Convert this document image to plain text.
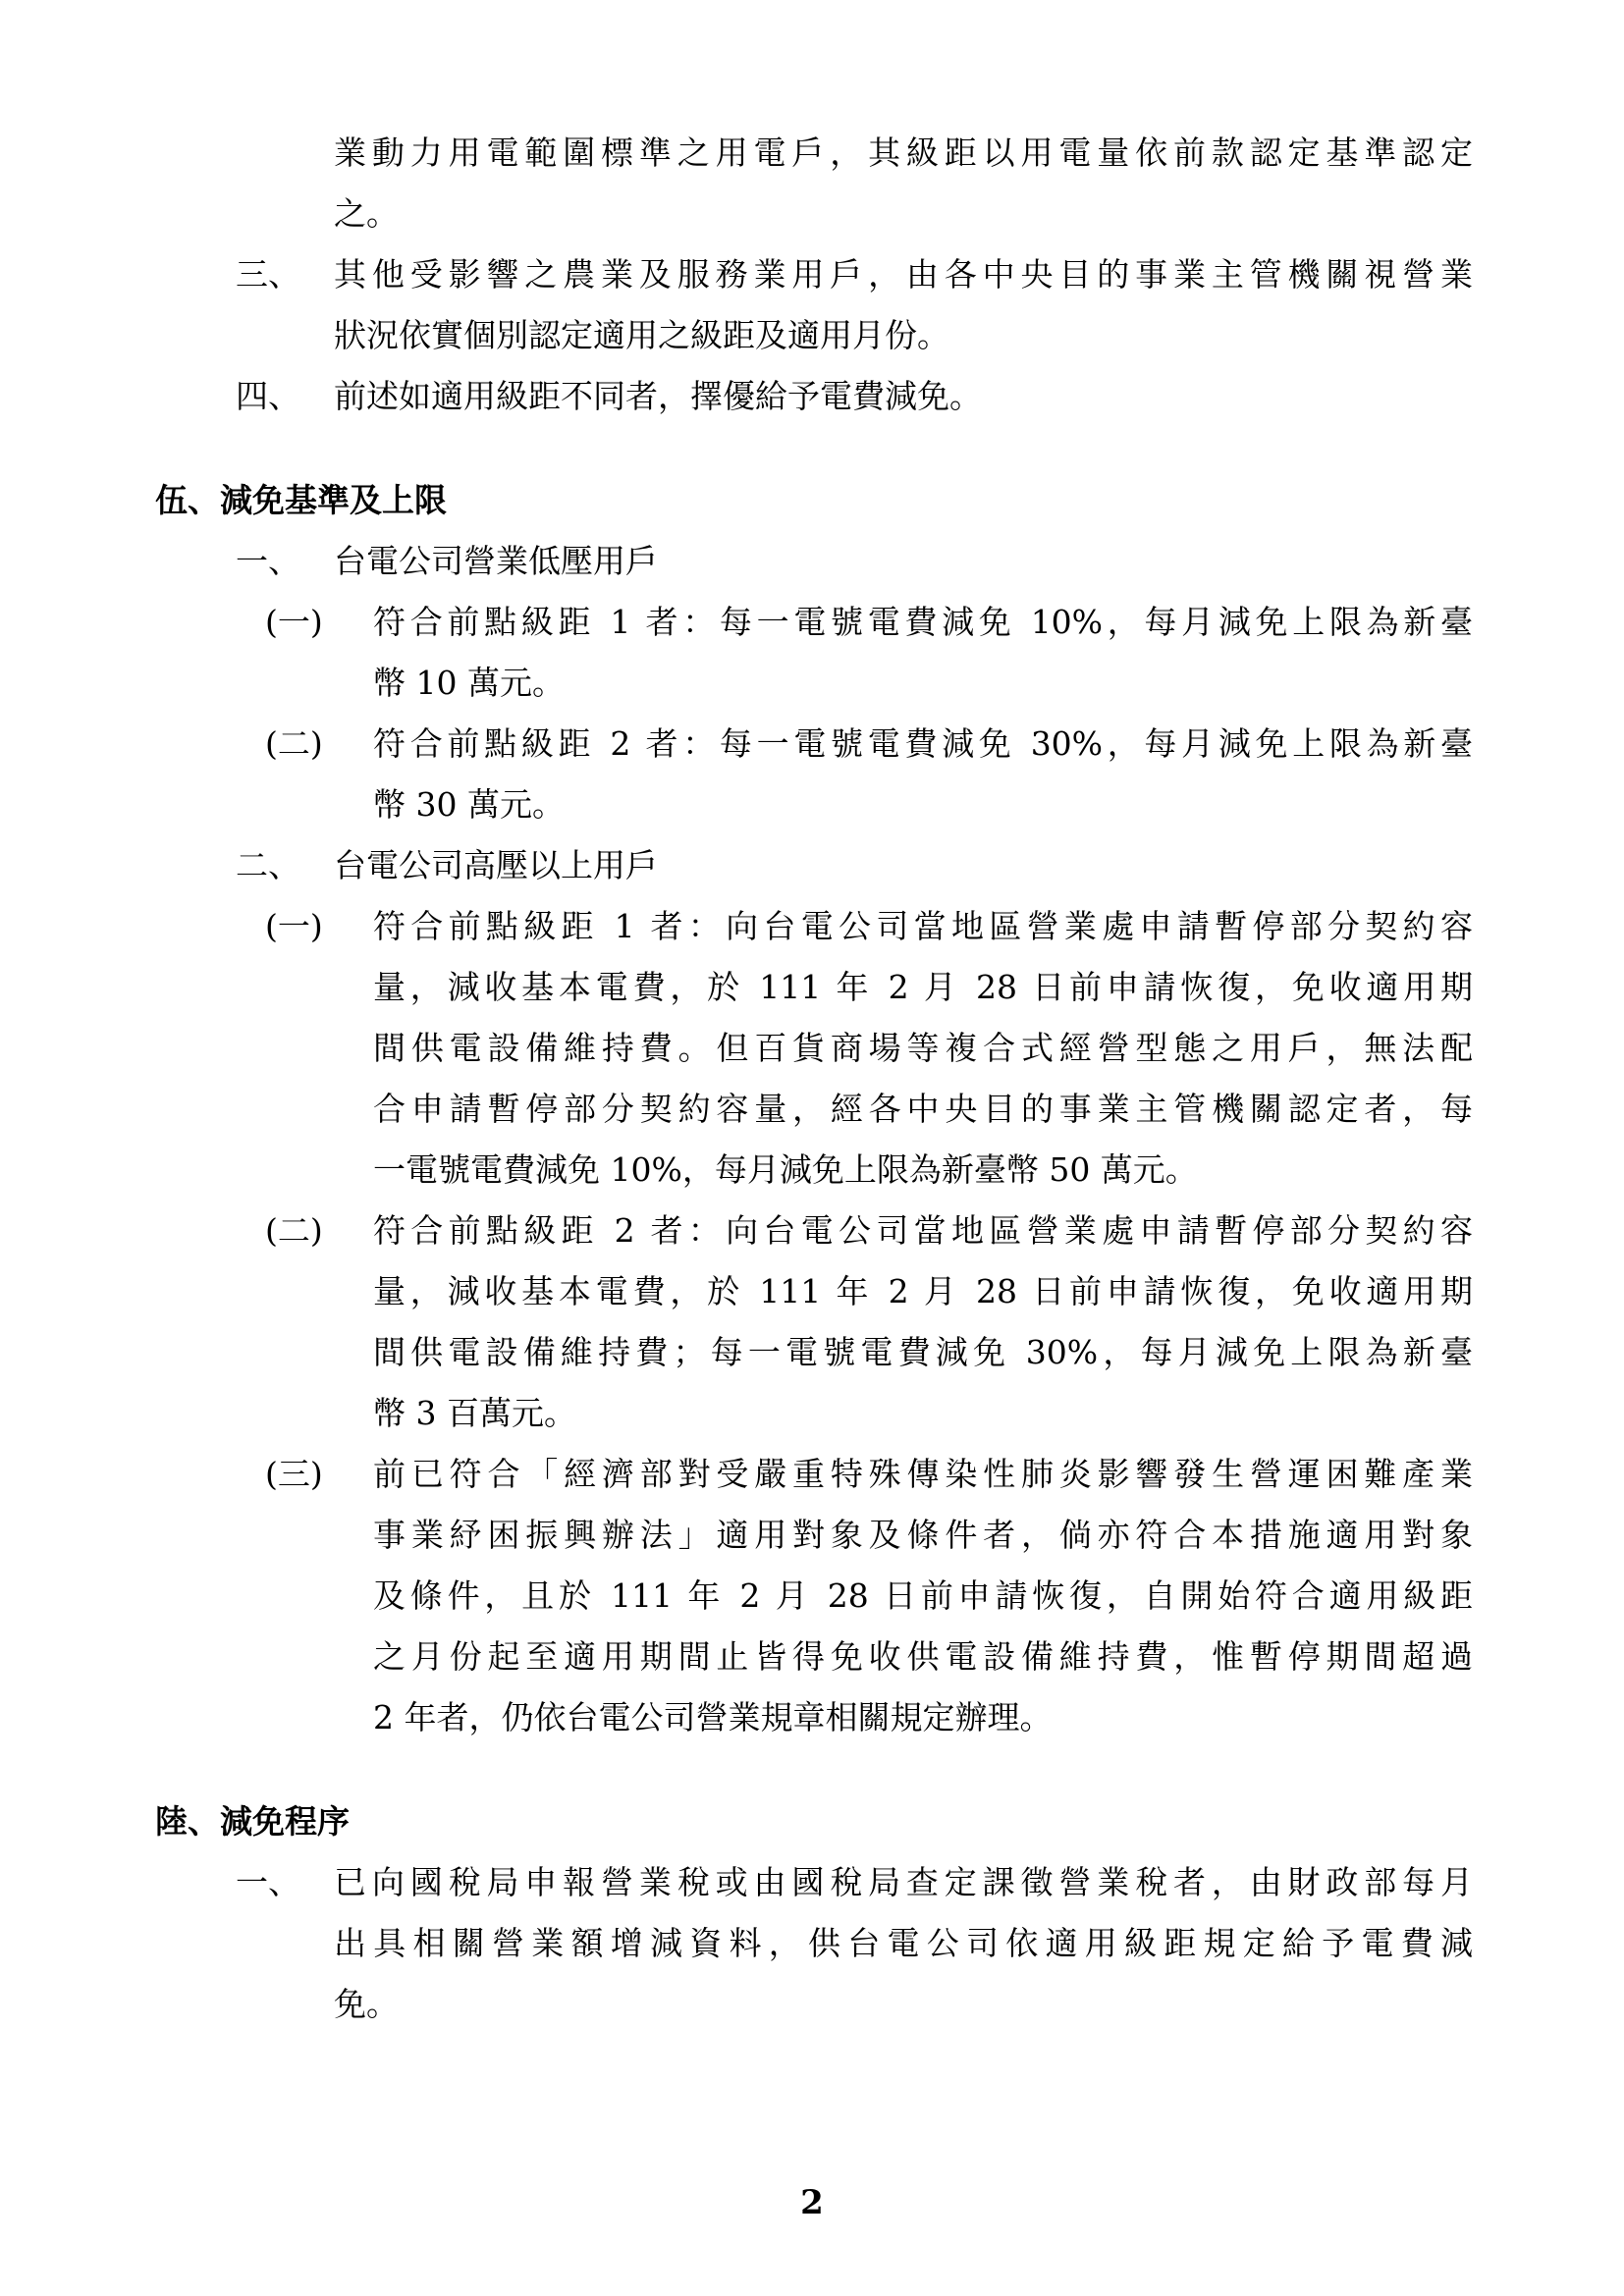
業動力用電範圍標準之用電戶，其級距以用電量依前款認定基準認定
之。
三、 其他受影響之農業及服務業用戶，由各中央目的事業主管機關視營業
狀況依實個別認定適用之級距及適用月份。
四、 前述如適用級距不同者，擇優給予電費減免。
伍、減免基準及上限
一、 台電公司營業低壓用戶
(一) 符合前點級距 1 者：每一電號電費減免 10%，每月減免上限為新臺
幣 10 萬元。
(二) 符合前點級距 2 者：每一電號電費減免 30%，每月減免上限為新臺
幣 30 萬元。
二、 台電公司高壓以上用戶
(一) 符合前點級距 1 者：向台電公司當地區營業處申請暫停部分契約容
量，減收基本電費，於 111 年 2 月 28 日前申請恢復，免收適用期
間供電設備維持費。但百貨商場等複合式經營型態之用戶，無法配
合申請暫停部分契約容量，經各中央目的事業主管機關認定者，每
一電號電費減免 10%，每月減免上限為新臺幣 50 萬元。
(二) 符合前點級距 2 者：向台電公司當地區營業處申請暫停部分契約容
量，減收基本電費，於 111 年 2 月 28 日前申請恢復，免收適用期
間供電設備維持費；每一電號電費減免 30%，每月減免上限為新臺
幣 3 百萬元。
(三) 前已符合「經濟部對受嚴重特殊傳染性肺炎影響發生營運困難產業
事業紓困振興辦法」適用對象及條件者，倘亦符合本措施適用對象
及條件，且於 111 年 2 月 28 日前申請恢復，自開始符合適用級距
之月份起至適用期間止皆得免收供電設備維持費，惟暫停期間超過
2 年者，仍依台電公司營業規章相關規定辦理。
陸、減免程序
一、 已向國稅局申報營業稅或由國稅局查定課徵營業稅者，由財政部每月
出具相關營業額增減資料，供台電公司依適用級距規定給予電費減
免。
2
